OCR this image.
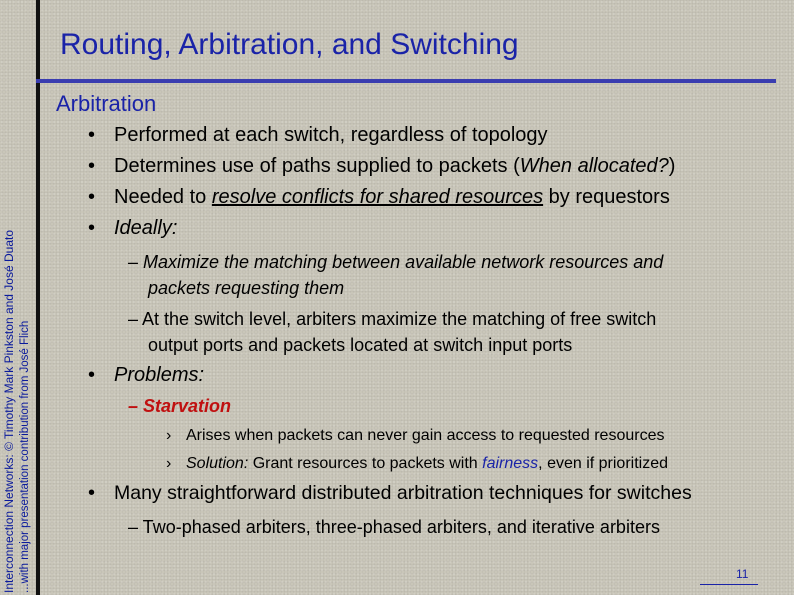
Interconnection Networks: © Timothy Mark Pinkston and José Duato ...with major presentation contribution from José Flich
Routing, Arbitration, and Switching
Arbitration
• Performed at each switch, regardless of topology
• Determines use of paths supplied to packets (When allocated?)
• Needed to resolve conflicts for shared resources by requestors
• Ideally:
– Maximize the matching between available network resources and
packets requesting them
– At the switch level, arbiters maximize the matching of free switch
output ports and packets located at switch input ports
• Problems:
– Starvation
› Arises when packets can never gain access to requested resources
› Solution: Grant resources to packets with fairness, even if prioritized
• Many straightforward distributed arbitration techniques for switches
– Two-phased arbiters, three-phased arbiters, and iterative arbiters
11
